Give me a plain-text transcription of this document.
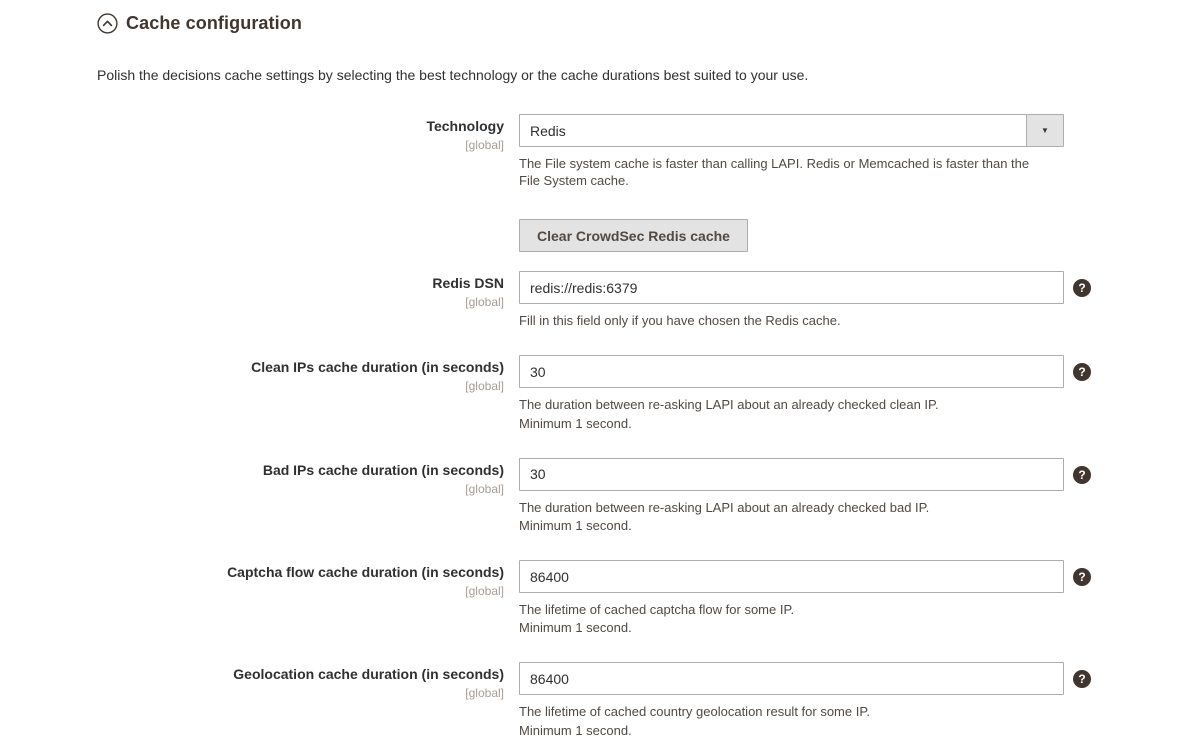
Cache configuration

Polish the decisions cache settings by selecting the best technology or the cache durations best suited to your use.

Technology
[global]
Redis	▼
The File system cache is faster than calling LAPI. Redis or Memcached is faster than the File System cache.
Clear CrowdSec Redis cache
Redis DSN
[global]
redis://redis:6379
?
Fill in this field only if you have chosen the Redis cache.
Clean IPs cache duration (in seconds)
[global]
30
?
The duration between re-asking LAPI about an already checked clean IP.
Minimum 1 second.
Bad IPs cache duration (in seconds)
[global]
30
?
The duration between re-asking LAPI about an already checked bad IP.
Minimum 1 second.
Captcha flow cache duration (in seconds)
[global]
86400
?
The lifetime of cached captcha flow for some IP.
Minimum 1 second.
Geolocation cache duration (in seconds)
[global]
86400
?
The lifetime of cached country geolocation result for some IP.
Minimum 1 second.
